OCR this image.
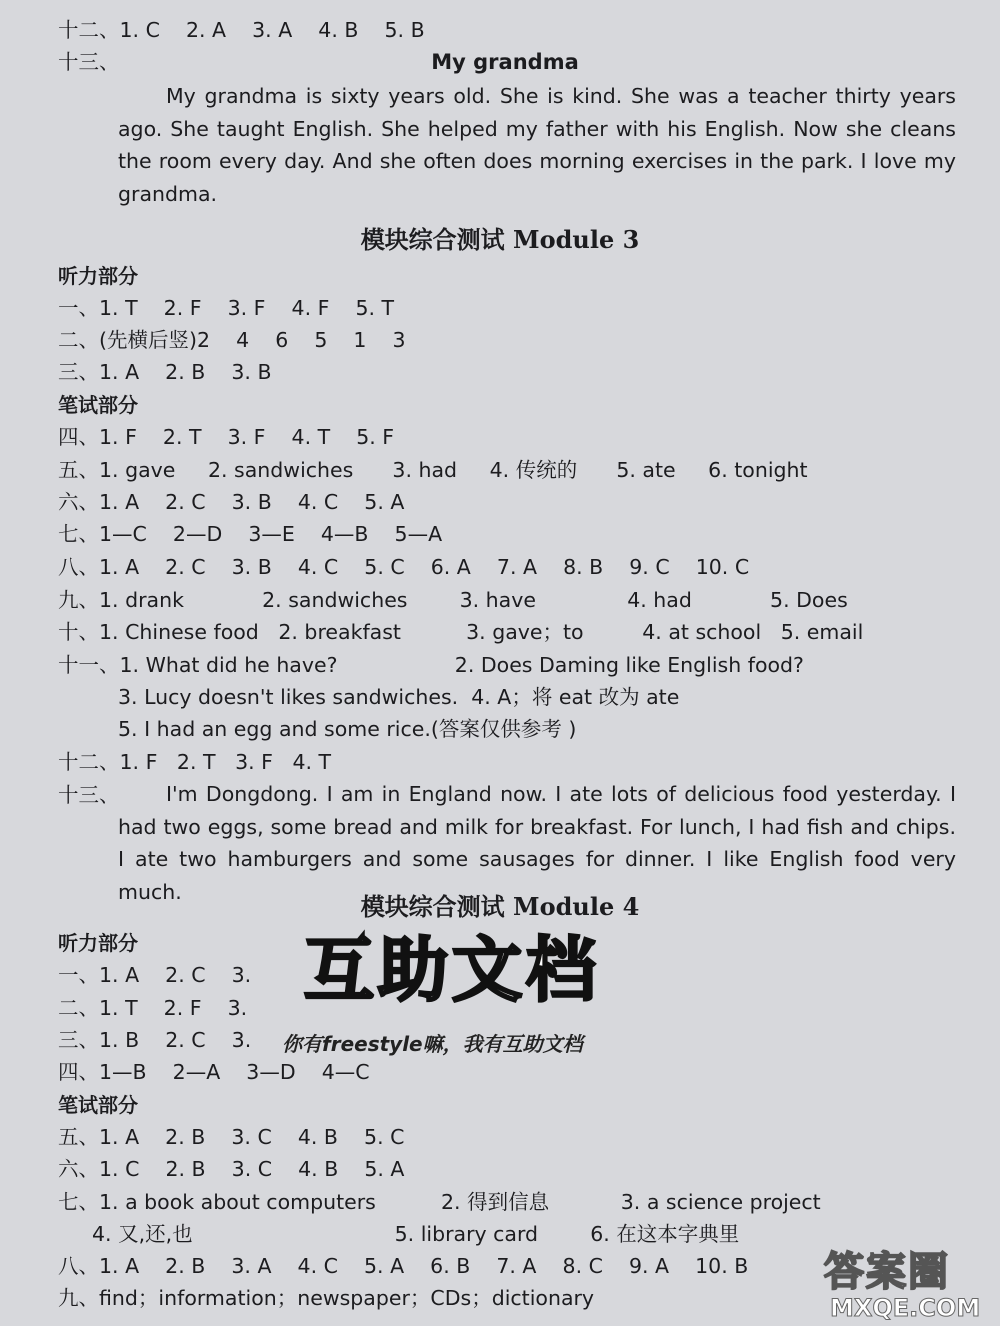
十二、1. C    2. A    3. A    4. B    5. B
十三、	My grandma
My grandma is sixty years old. She is kind. She was a teacher thirty years ago. She taught English. She helped my father with his English. Now she cleans the room every day. And she often does morning exercises in the park. I love my grandma.
模块综合测试 Module 3
听力部分
一、1. T    2. F    3. F    4. F    5. T
二、(先横后竖)2    4    6    5    1    3
三、1. A    2. B    3. B
笔试部分
四、1. F    2. T    3. F    4. T    5. F
五、1. gave     2. sandwiches      3. had     4. 传统的      5. ate     6. tonight
六、1. A    2. C    3. B    4. C    5. A
七、1—C    2—D    3—E    4—B    5—A
八、1. A    2. C    3. B    4. C    5. C    6. A    7. A    8. B    9. C    10. C
九、1. drank            2. sandwiches        3. have              4. had            5. Does
十、1. Chinese food   2. breakfast          3. gave；to         4. at school   5. email
十一、1. What did he have?                  2. Does Daming like English food?
3. Lucy doesn't likes sandwiches.  4. A；将 eat 改为 ate
5. I had an egg and some rice.(答案仅供参考 )
十二、1. F   2. T   3. F   4. T
十三、	I'm Dongdong. I am in England now. I ate lots of delicious food yesterday. I had two eggs, some bread and milk for breakfast. For lunch, I had fish and chips. I ate two hamburgers and some sausages for dinner. I like English food very much.
模块综合测试 Module 4
听力部分
一、1. A    2. C    3.
二、1. T    2. F    3.
三、1. B    2. C    3.
四、1—B    2—A    3—D    4—C
笔试部分
五、1. A    2. B    3. C    4. B    5. C
六、1. C    2. B    3. C    4. B    5. A
七、1. a book about computers          2. 得到信息           3. a science project
4. 又,还,也                               5. library card        6. 在这本字典里
八、1. A    2. B    3. A    4. C    5. A    6. B    7. A    8. C    9. A    10. B
九、find；information；newspaper；CDs；dictionary
互助文档
你有freestyle嘛，我有互助文档
答案圈
MXQE.COM
